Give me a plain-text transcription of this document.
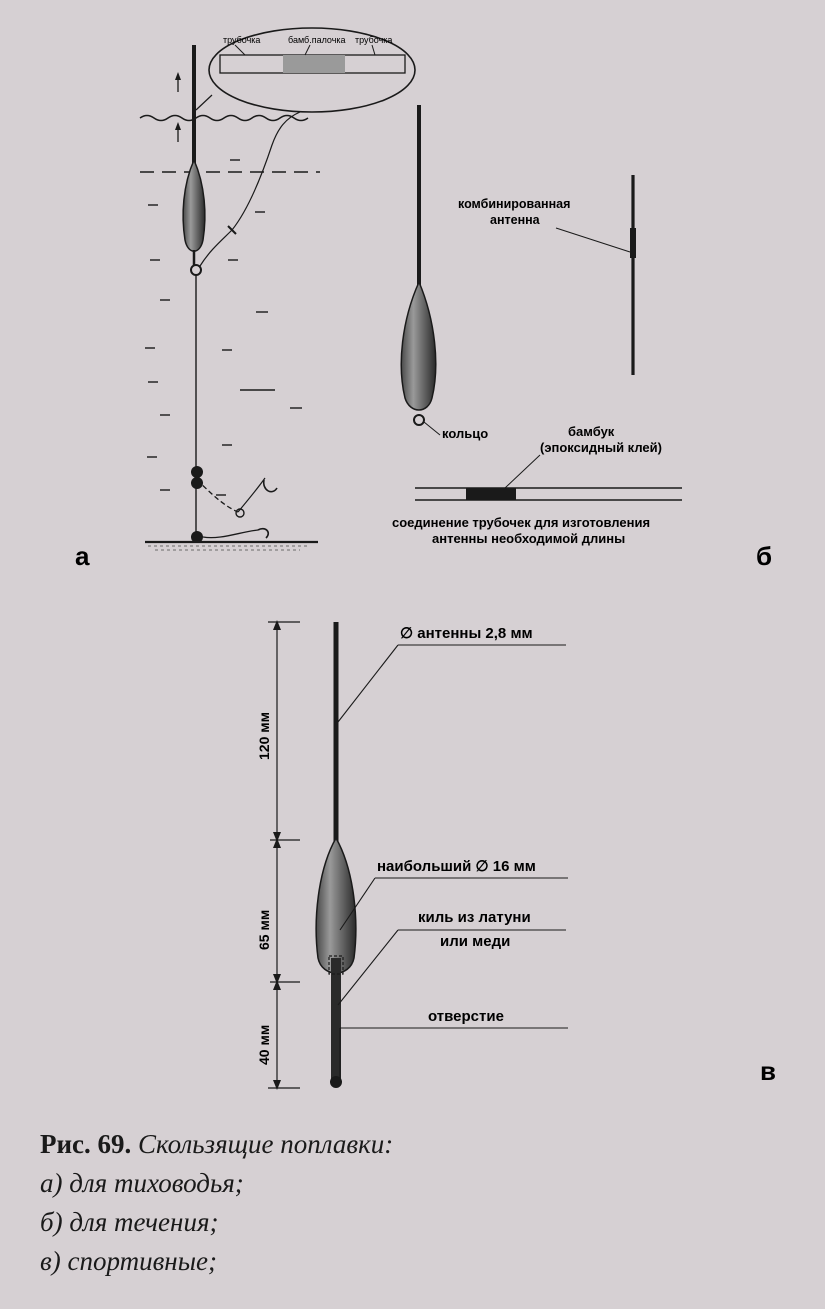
трубочка	бамб.палочка трубочка
а
кольцо
комбинированная
антенна
бамбук
(эпоксидный клей)
соединение трубочек для изготовления
антенны необходимой длины
б
120 мм
65 мм
40 мм
∅ антенны 2,8 мм
наибольший ∅ 16 мм
киль из латуни
или меди
отверстие
в
Рис. 69. Скользящие поплавки:
а) для тиховодья;
б) для течения;
в) спортивные;
